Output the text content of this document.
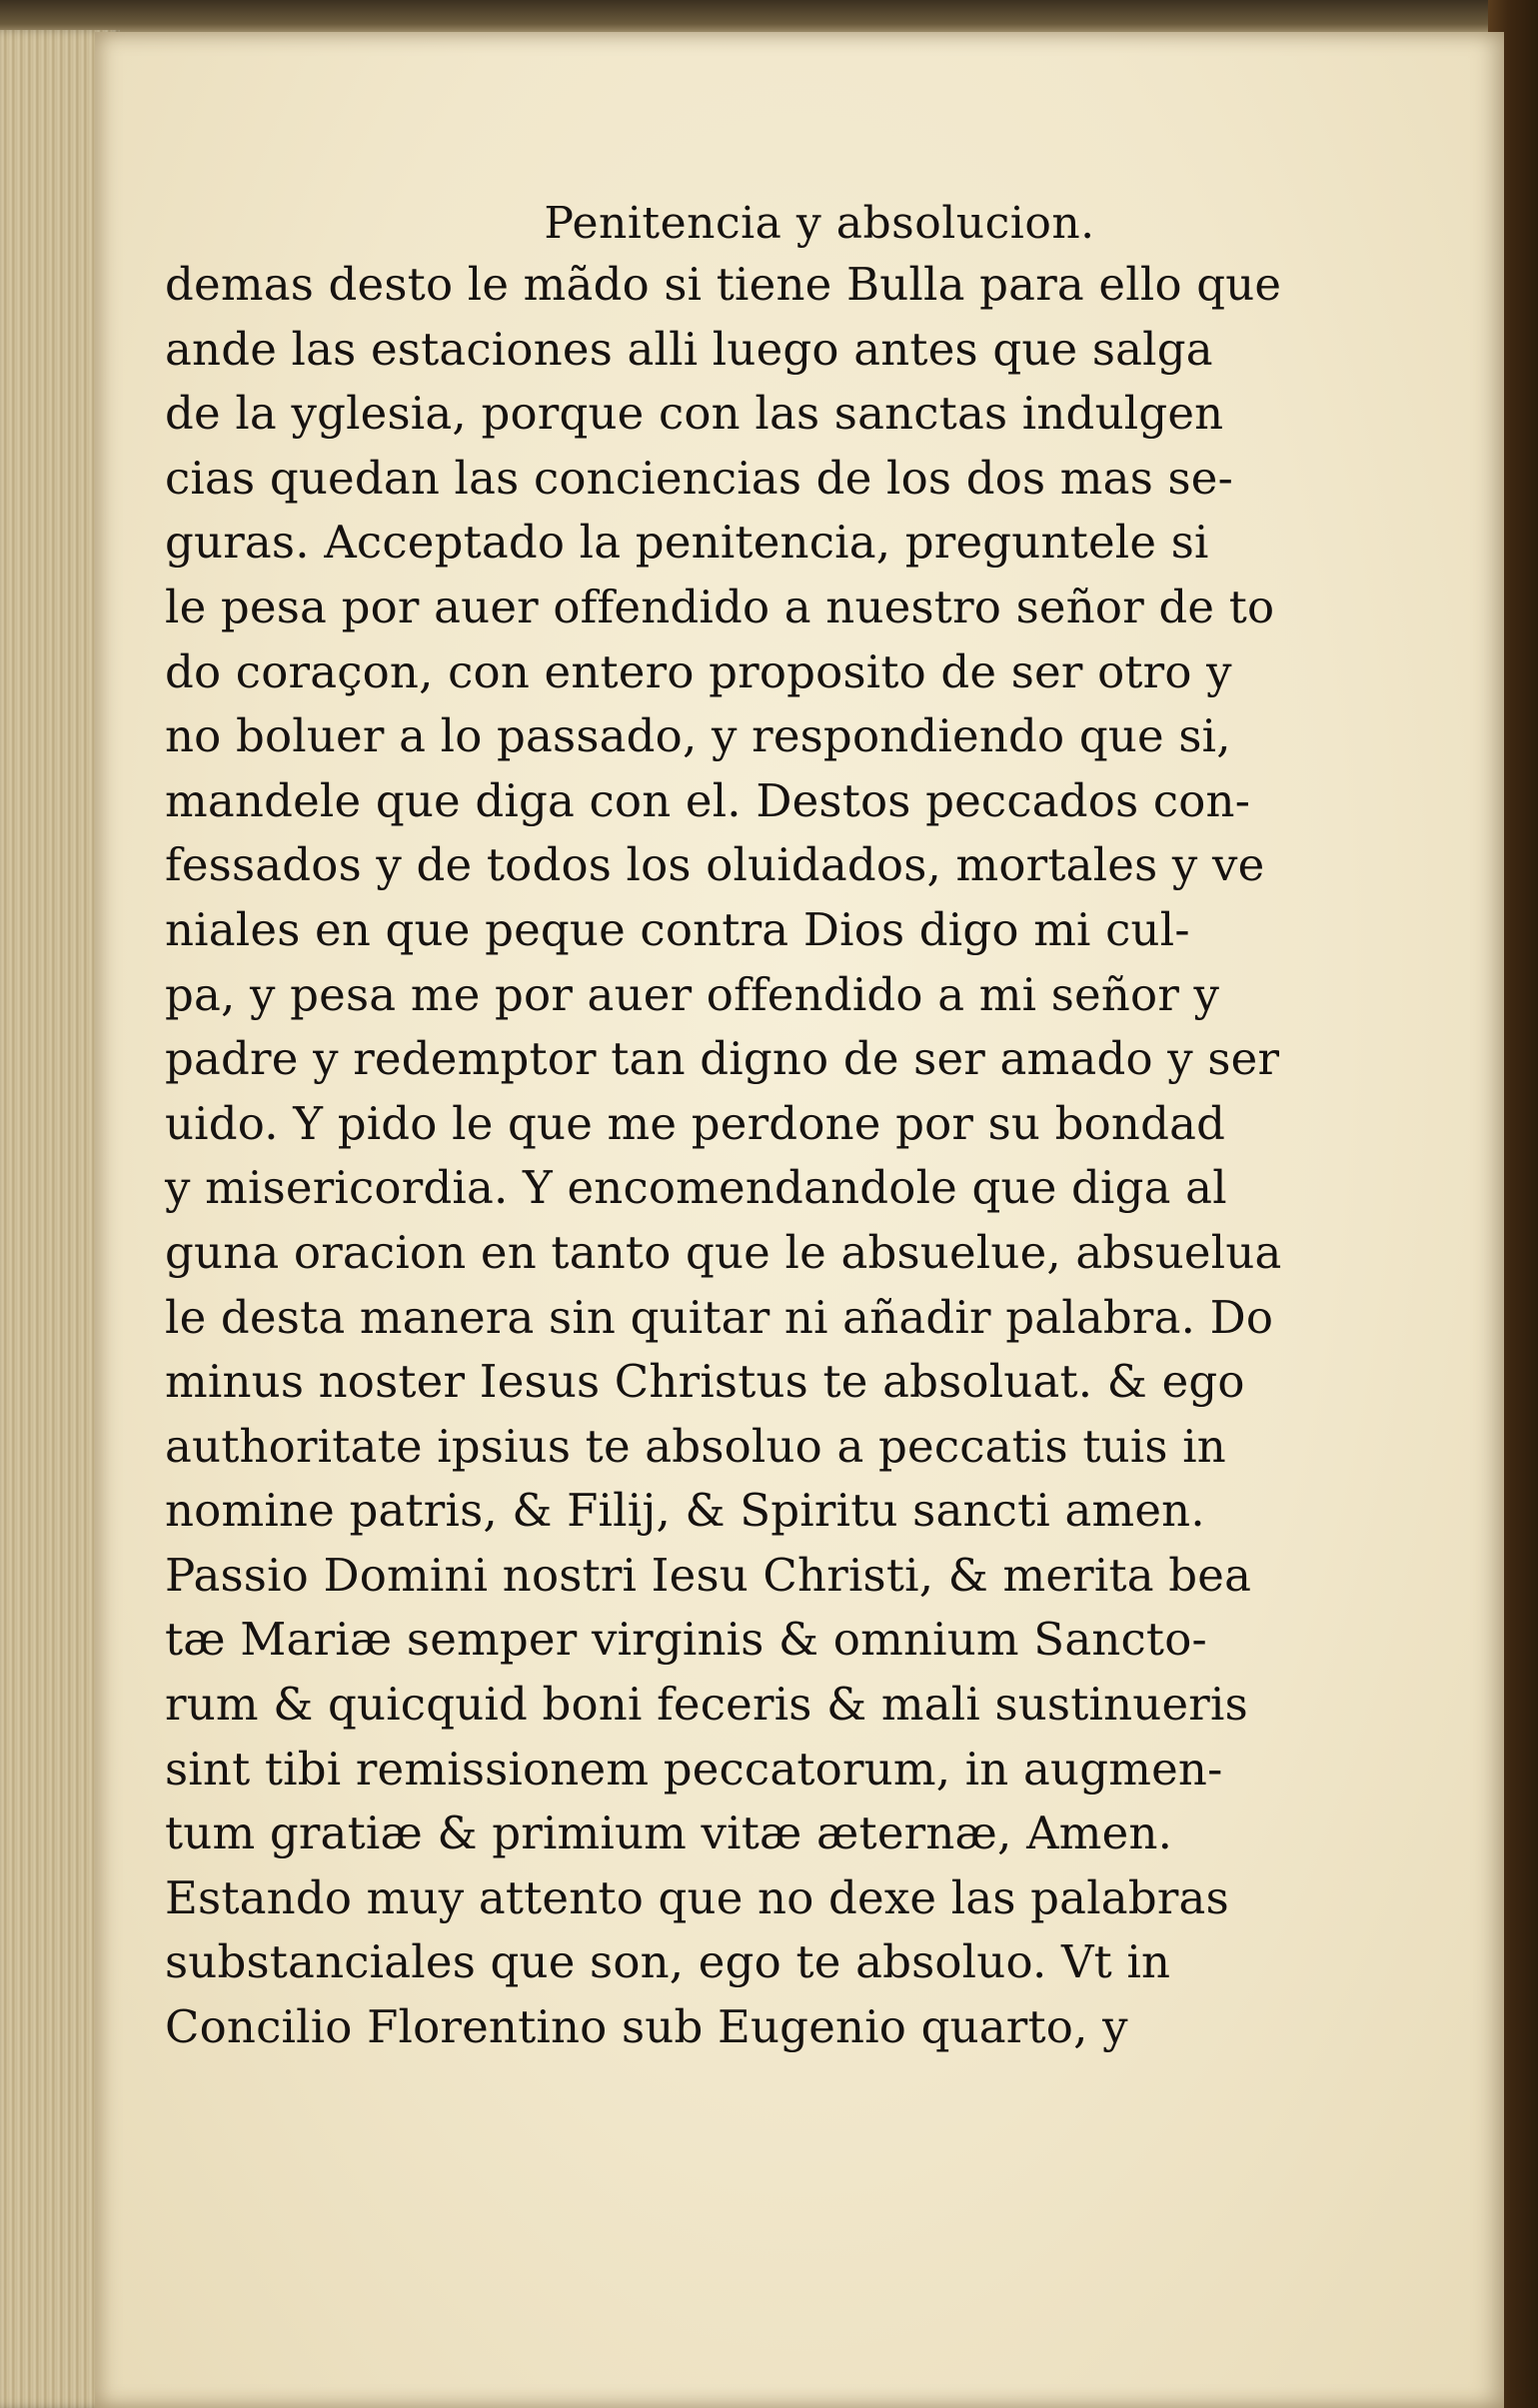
Penitencia y absolucion.
demas desto le mãdo si tiene Bulla para ello que
ande las estaciones alli luego antes que salga
de la yglesia, porque con las sanctas indulgen
cias quedan las conciencias de los dos mas se-
guras. Acceptado la penitencia, preguntele si
le pesa por auer offendido a nuestro señor de to
do coraçon, con entero proposito de ser otro y
no boluer a lo passado, y respondiendo que si,
mandele que diga con el. Destos peccados con-
fessados y de todos los oluidados, mortales y ve
niales en que peque contra Dios digo mi cul-
pa, y pesa me por auer offendido a mi señor y
padre y redemptor tan digno de ser amado y ser
uido. Y pido le que me perdone por su bondad
y misericordia. Y encomendandole que diga al
guna oracion en tanto que le absuelue, absuelua
le desta manera sin quitar ni añadir palabra. Do
minus noster Iesus Christus te absoluat. & ego
authoritate ipsius te absoluo a peccatis tuis in
nomine patris, & Filij, & Spiritu sancti amen.
Passio Domini nostri Iesu Christi, & merita bea
tæ Mariæ semper virginis & omnium Sancto-
rum & quicquid boni feceris & mali sustinueris
sint tibi remissionem peccatorum, in augmen-
tum gratiæ & primium vitæ æternæ, Amen.
Estando muy attento que no dexe las palabras
substanciales que son, ego te absoluo. Vt in
Concilio Florentino sub Eugenio quarto, y
